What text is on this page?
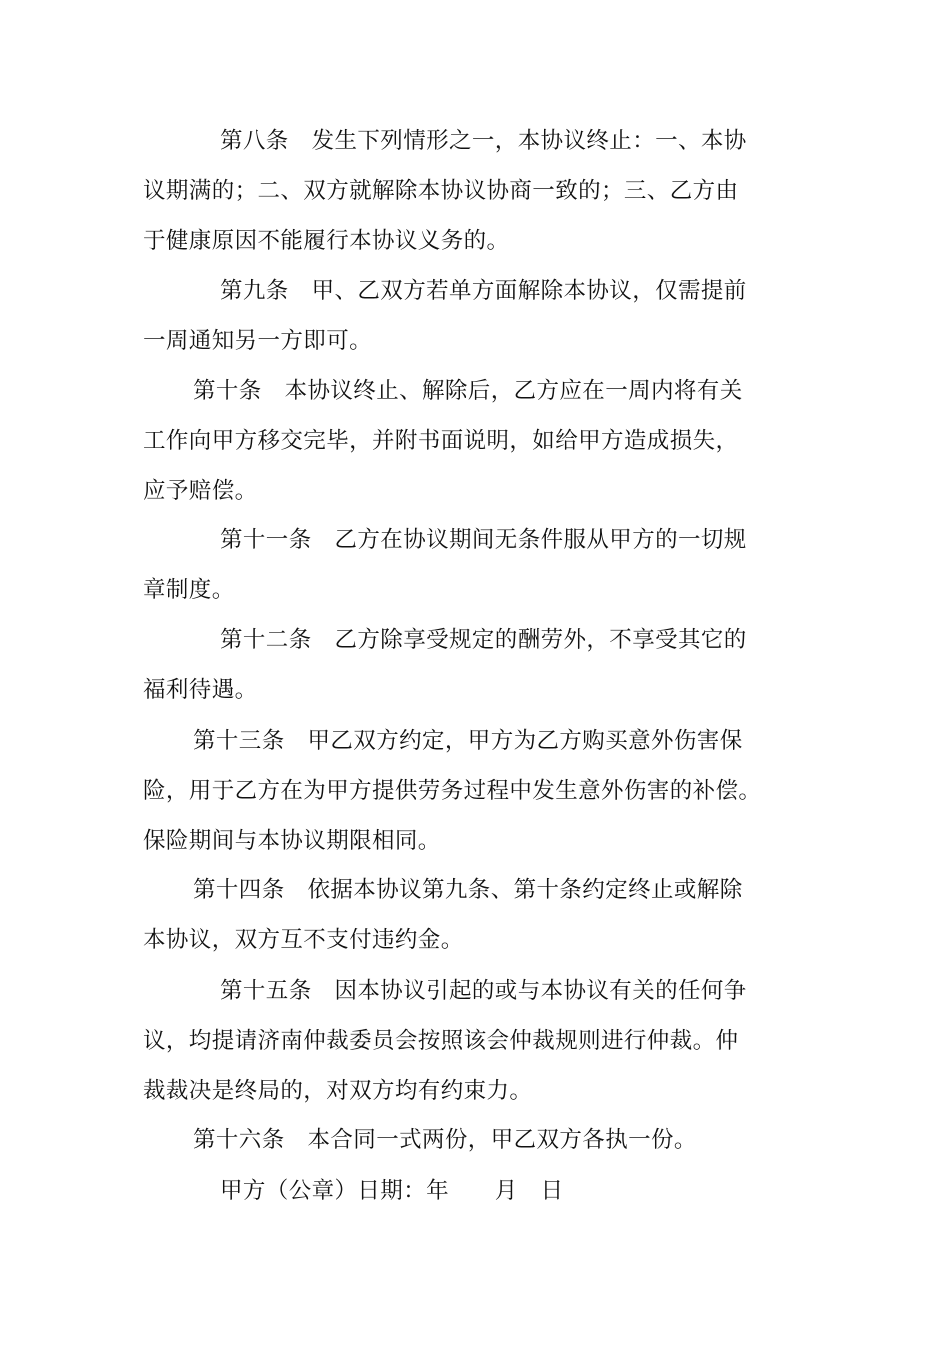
第八条　发生下列情形之一，本协议终止：一、本协
议期满的；二、双方就解除本协议协商一致的；三、乙方由
于健康原因不能履行本协议义务的。
第九条　甲、乙双方若单方面解除本协议，仅需提前
一周通知另一方即可。
第十条　本协议终止、解除后，乙方应在一周内将有关
工作向甲方移交完毕，并附书面说明，如给甲方造成损失，
应予赔偿。
第十一条　乙方在协议期间无条件服从甲方的一切规
章制度。
第十二条　乙方除享受规定的酬劳外，不享受其它的
福利待遇。
第十三条　甲乙双方约定，甲方为乙方购买意外伤害保
险，用于乙方在为甲方提供劳务过程中发生意外伤害的补偿。
保险期间与本协议期限相同。
第十四条　依据本协议第九条、第十条约定终止或解除
本协议，双方互不支付违约金。
第十五条　因本协议引起的或与本协议有关的任何争
议，均提请济南仲裁委员会按照该会仲裁规则进行仲裁。仲
裁裁决是终局的，对双方均有约束力。
第十六条　本合同一式两份，甲乙双方各执一份。
甲方（公章）日期：年　　月　日
